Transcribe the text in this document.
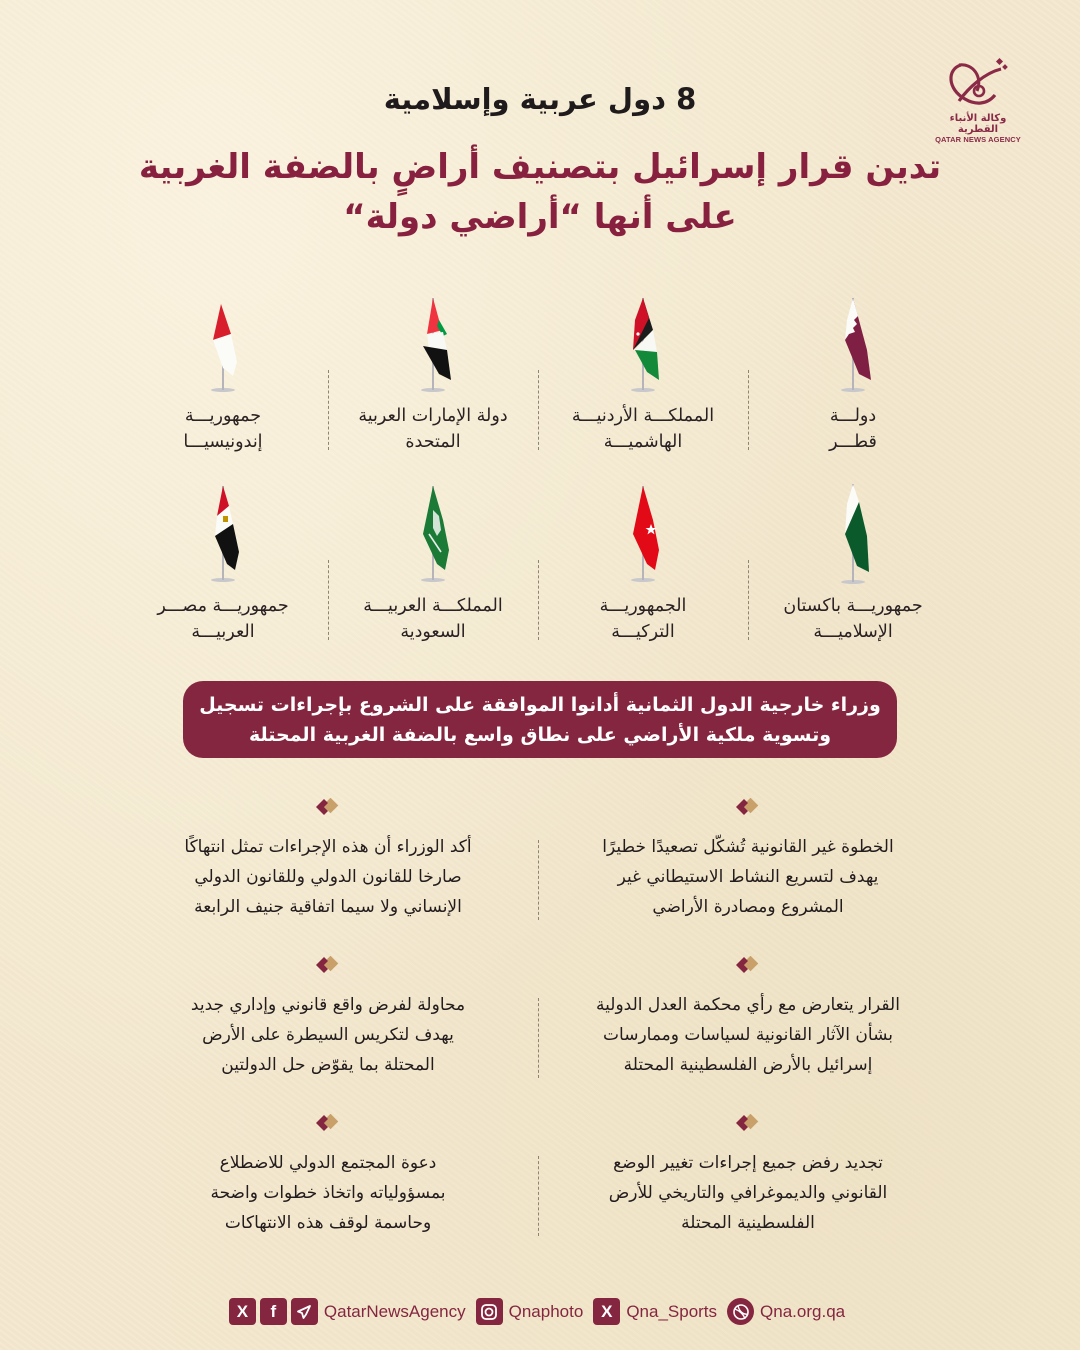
وكالة الأنباء القطرية
QATAR NEWS AGENCY
8 دول عربية وإسلامية
تدين قرار إسرائيل بتصنيف أراضٍ بالضفة الغربية
على أنها “أراضي دولة“
دولـــة
قطـــر
المملكـــة الأردنيـــة
الهاشميـــة
دولة الإمارات العربية
المتحدة
جمهوريـــة
إندونيسيـــا
جمهوريـــة باكستان
الإسلاميـــة
الجمهوريـــة
التركيـــة
المملكـــة العربيـــة
السعودية
جمهوريـــة مصـــر
العربيـــة
وزراء خارجية الدول الثمانية أدانوا الموافقة على الشروع بإجراءات تسجيل
وتسوية ملكية الأراضي على نطاق واسع بالضفة الغربية المحتلة
الخطوة غير القانونية تُشكّل تصعيدًا خطيرًا
يهدف لتسريع النشاط الاستيطاني غير
المشروع ومصادرة الأراضي
أكد الوزراء أن هذه الإجراءات تمثل انتهاكًا
صارخا للقانون الدولي وللقانون الدولي
الإنساني ولا سيما اتفاقية جنيف الرابعة
القرار يتعارض مع رأي محكمة العدل الدولية
بشأن الآثار القانونية لسياسات وممارسات
إسرائيل بالأرض الفلسطينية المحتلة
محاولة لفرض واقع قانوني وإداري جديد
يهدف لتكريس السيطرة على الأرض
المحتلة بما يقوّض حل الدولتين
تجديد رفض جميع إجراءات تغيير الوضع
القانوني والديموغرافي والتاريخي للأرض
الفلسطينية المحتلة
دعوة المجتمع الدولي للاضطلاع
بمسؤولياته واتخاذ خطوات واضحة
وحاسمة لوقف هذه الانتهاكات
X	f	QatarNewsAgency	Qnaphoto	X Qna_Sports	Qna.org.qa
